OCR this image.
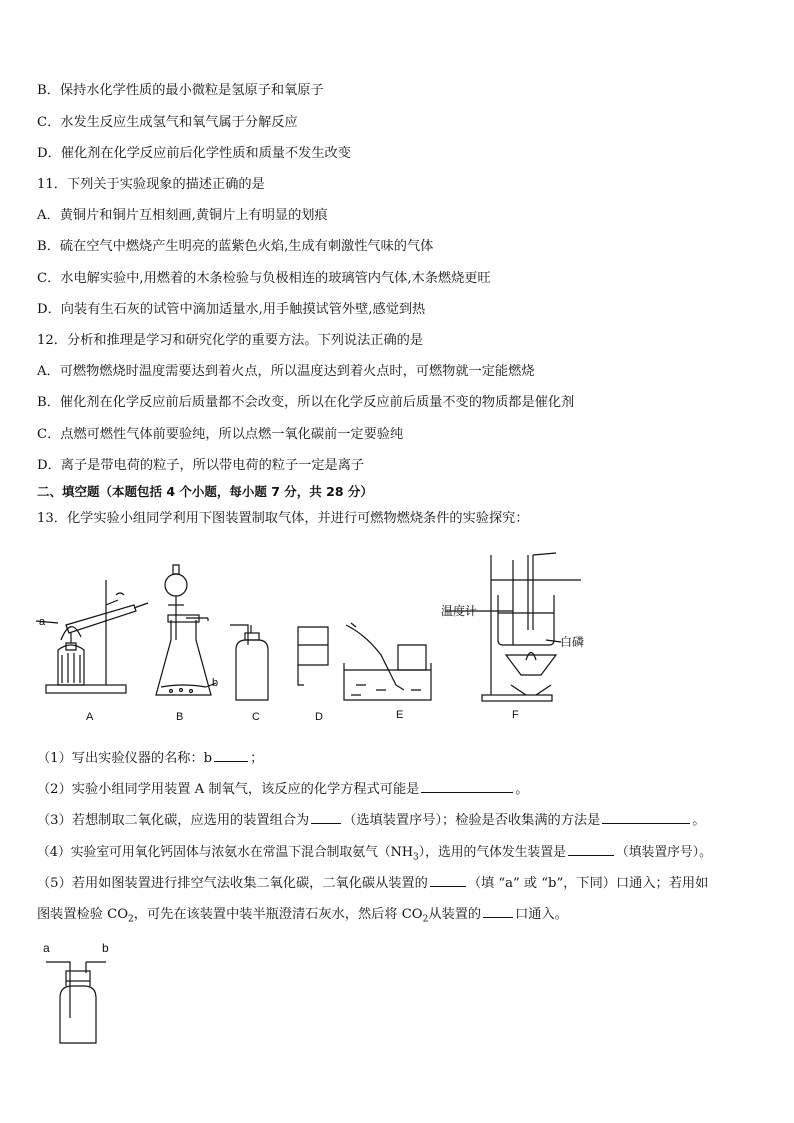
B．保持水化学性质的最小微粒是氢原子和氧原子
C．水发生反应生成氢气和氧气属于分解反应
D．催化剂在化学反应前后化学性质和质量不发生改变
11．下列关于实验现象的描述正确的是
A．黄铜片和铜片互相刻画,黄铜片上有明显的划痕
B．硫在空气中燃烧产生明亮的蓝紫色火焰,生成有刺激性气味的气体
C．水电解实验中,用燃着的木条检验与负极相连的玻璃管内气体,木条燃烧更旺
D．向装有生石灰的试管中滴加适量水,用手触摸试管外壁,感觉到热
12．分析和推理是学习和研究化学的重要方法。下列说法正确的是
A．可燃物燃烧时温度需要达到着火点，所以温度达到着火点时，可燃物就一定能燃烧
B．催化剂在化学反应前后质量都不会改变，所以在化学反应前后质量不变的物质都是催化剂
C．点燃可燃性气体前要验纯，所以点燃一氧化碳前一定要验纯
D．离子是带电荷的粒子，所以带电荷的粒子一定是离子
二、填空题（本题包括 4 个小题，每小题 7 分，共 28 分）
13．化学实验小组同学利用下图装置制取气体，并进行可燃物燃烧条件的实验探究：
a
b
温度计
白磷
A	B	C	D	E	F
（1）写出实验仪器的名称：b	；
（2）实验小组同学用装置 A 制氧气，该反应的化学方程式可能是	。
（3）若想制取二氧化碳，应选用的装置组合为	（选填装置序号）；检验是否收集满的方法是	。
（4）实验室可用氧化钙固体与浓氨水在常温下混合制取氨气$(NH_3)$，选用的气体发生装置是	（填装置序号）。
（5）若用如图装置进行排空气法收集二氧化碳，二氧化碳从装置的	（填 “a” 或 “b”，下同）口通入；若用如
图装置检验 $CO_2$，可先在该装置中装半瓶澄清石灰水，然后将 $CO_2$从装置的	口通入。
a	b
